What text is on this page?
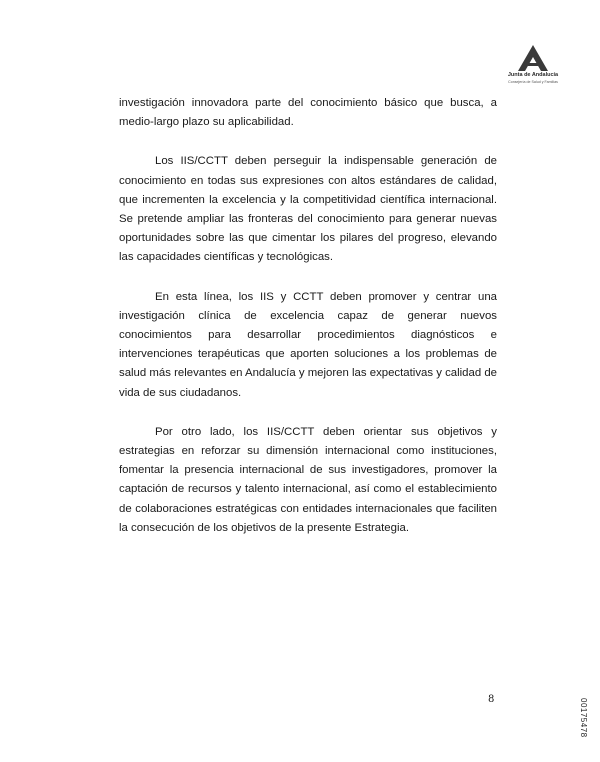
Junta de Andalucía
Consejería de Salud y Familias

investigación innovadora parte del conocimiento básico que busca, a medio-largo plazo su aplicabilidad.

Los IIS/CCTT deben perseguir la indispensable generación de conocimiento en todas sus expresiones con altos estándares de calidad, que incrementen la excelencia y la competitividad científica internacional. Se pretende ampliar las fronteras del conocimiento para generar nuevas oportunidades sobre las que cimentar los pilares del progreso, elevando las capacidades científicas y tecnológicas.

En esta línea, los IIS y CCTT deben promover y centrar una investigación clínica de excelencia capaz de generar nuevos conocimientos para desarrollar procedimientos diagnósticos e intervenciones terapéuticas que aporten soluciones a los problemas de salud más relevantes en Andalucía y mejoren las expectativas y calidad de vida de sus ciudadanos.

Por otro lado, los IIS/CCTT deben orientar sus objetivos y estrategias en reforzar su dimensión internacional como instituciones, fomentar la presencia internacional de sus investigadores, promover la captación de recursos y talento internacional, así como el establecimiento de colaboraciones estratégicas con entidades internacionales que faciliten la consecución de los objetivos de la presente Estrategia.

8	00175478
